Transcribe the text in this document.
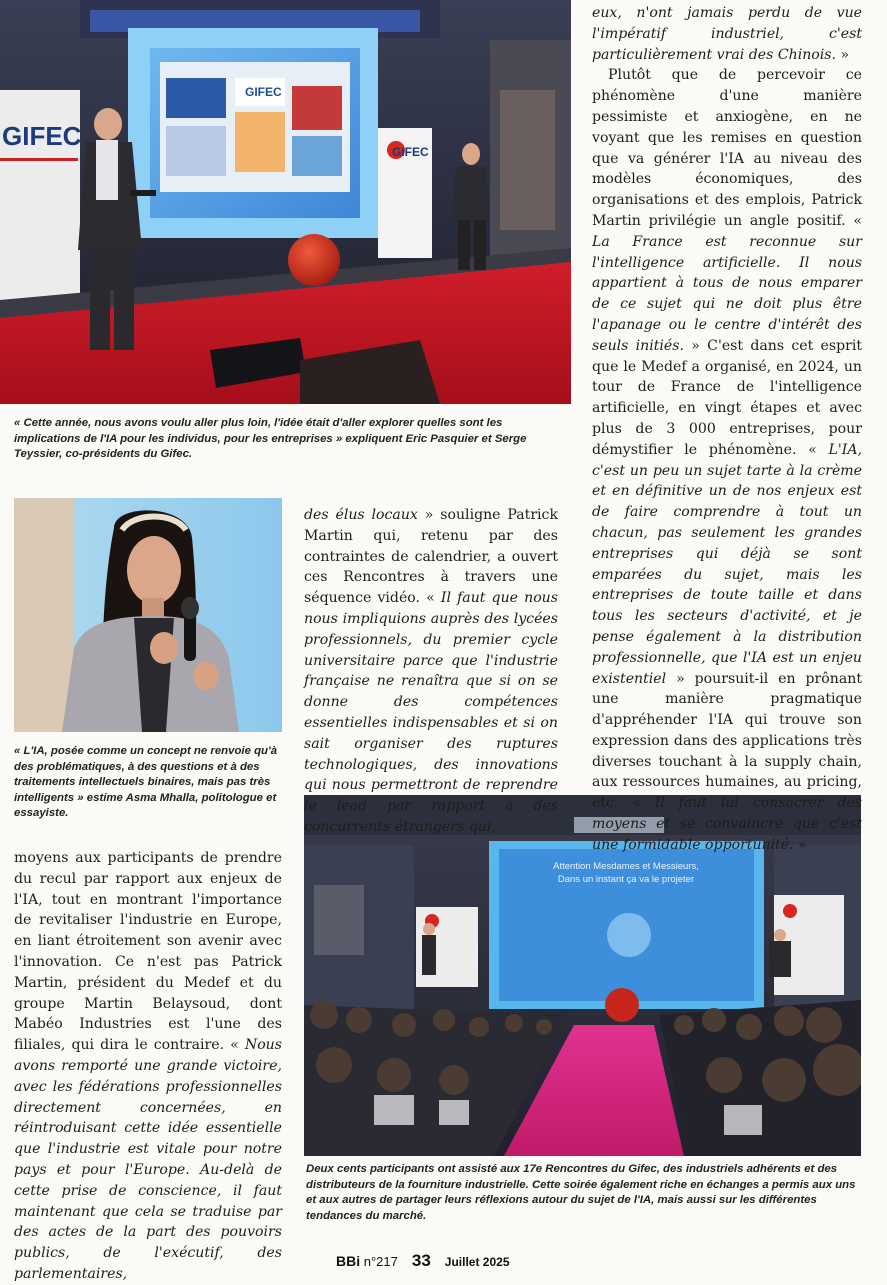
GIFEC
GIFEC
GIFEC
« Cette année, nous avons voulu aller plus loin, l'idée était d'aller explorer quelles sont les implications de l'IA pour les individus, pour les entreprises » expliquent Eric Pasquier et Serge Teyssier, co-présidents du Gifec.
« L'IA, posée comme un concept ne renvoie qu'à des problématiques, à des questions et à des traitements intellectuels binaires, mais pas très intelligents » estime Asma Mhalla, politologue et essayiste.
Attention Mesdames et Messieurs,
Dans un instant ça va le projeter
Deux cents participants ont assisté aux 17e Rencontres du Gifec, des industriels adhérents et des distributeurs de la fourniture industrielle. Cette soirée également riche en échanges a permis aux uns et aux autres de partager leurs réflexions autour du sujet de l'IA, mais aussi sur les différentes tendances du marché.

moyens aux participants de prendre du recul par rapport aux enjeux de l'IA, tout en montrant l'importance de revitaliser l'industrie en Europe, en liant étroitement son avenir avec l'innovation. Ce n'est pas Patrick Martin, président du Medef et du groupe Martin Belaysoud, dont Mabéo Industries est l'une des filiales, qui dira le contraire. « Nous avons remporté une grande victoire, avec les fédérations professionnelles directement concernées, en réintroduisant cette idée essentielle que l'industrie est vitale pour notre pays et pour l'Europe. Au-delà de cette prise de conscience, il faut maintenant que cela se traduise par des actes de la part des pouvoirs publics, de l'exécutif, des parlementaires,

des élus locaux » souligne Patrick Martin qui, retenu par des contraintes de calendrier, a ouvert ces Rencontres à travers une séquence vidéo. « Il faut que nous nous impliquions auprès des lycées professionnels, du premier cycle universitaire parce que l'industrie française ne renaîtra que si on se donne des compétences essentielles indispensables et si on sait organiser des ruptures technologiques, des innovations qui nous permettront de reprendre le lead par rapport à des concurrents étrangers qui,

eux, n'ont jamais perdu de vue l'impératif industriel, c'est particulièrement vrai des Chinois. »

Plutôt que de percevoir ce phénomène d'une manière pessimiste et anxiogène, en ne voyant que les remises en question que va générer l'IA au niveau des modèles économiques, des organisations et des emplois, Patrick Martin privilégie un angle positif. « La France est reconnue sur l'intelligence artificielle. Il nous appartient à tous de nous emparer de ce sujet qui ne doit plus être l'apanage ou le centre d'intérêt des seuls initiés. » C'est dans cet esprit que le Medef a organisé, en 2024, un tour de France de l'intelligence artificielle, en vingt étapes et avec plus de 3 000 entreprises, pour démystifier le phénomène. « L'IA, c'est un peu un sujet tarte à la crème et en définitive un de nos enjeux est de faire comprendre à tout un chacun, pas seulement les grandes entreprises qui déjà se sont emparées du sujet, mais les entreprises de toute taille et dans tous les secteurs d'activité, et je pense également à la distribution professionnelle, que l'IA est un enjeu existentiel » poursuit-il en prônant une manière pragmatique d'appréhender l'IA qui trouve son expression dans des applications très diverses touchant à la supply chain, aux ressources humaines, au pricing, etc. « Il faut lui consacrer des moyens et se convaincre que c'est une formidable opportunité. »

BBi n°217 33 Juillet 2025
